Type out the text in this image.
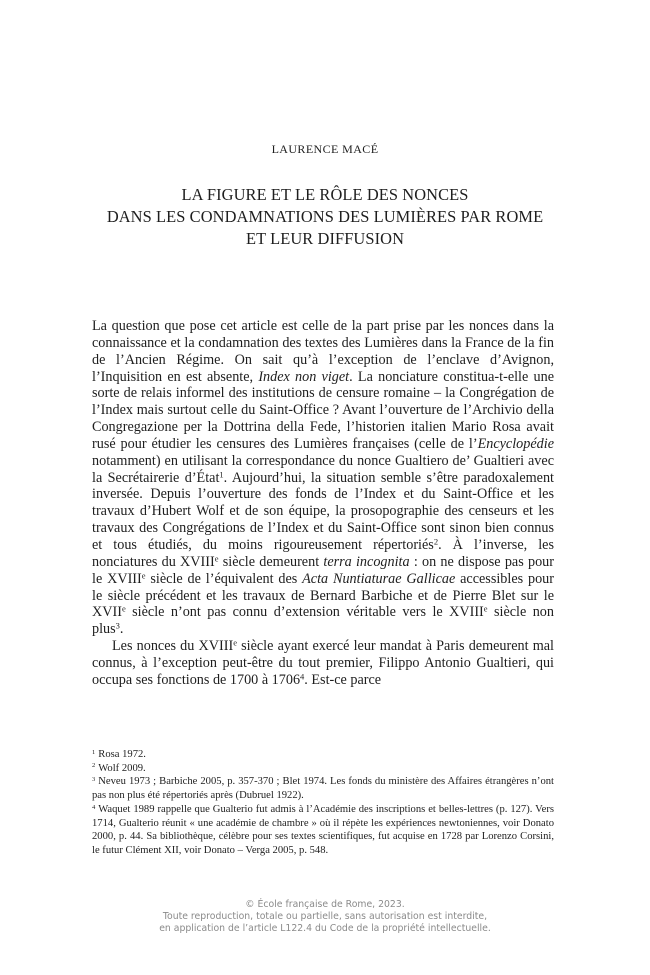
LAURENCE MACÉ
LA FIGURE ET LE RÔLE DES NONCES
DANS LES CONDAMNATIONS DES LUMIÈRES PAR ROME
ET LEUR DIFFUSION

La question que pose cet article est celle de la part prise par les nonces dans la connaissance et la condamnation des textes des Lumières dans la France de la fin de l’Ancien Régime. On sait qu’à l’exception de l’enclave d’Avignon, l’Inquisition en est absente, Index non viget. La nonciature constitua-t-elle une sorte de relais informel des institutions de censure romaine – la Congrégation de l’Index mais surtout celle du Saint-Office ? Avant l’ouverture de l’Archivio della Congregazione per la Dottrina della Fede, l’historien italien Mario Rosa avait rusé pour étudier les censures des Lumières françaises (celle de l’Encyclopédie notamment) en utilisant la correspondance du nonce Gualtiero de’ Gualtieri avec la Secrétairerie d’État$^1$. Aujourd’hui, la situation semble s’être paradoxalement inversée. Depuis l’ouverture des fonds de l’Index et du Saint-Office et les travaux d’Hubert Wolf et de son équipe, la prosopographie des censeurs et les travaux des Congrégations de l’Index et du Saint-Office sont sinon bien connus et tous étudiés, du moins rigoureusement répertoriés$^2$. À l’inverse, les nonciatures du XVIIIe siècle demeurent terra incognita : on ne dispose pas pour le XVIIIe siècle de l’équivalent des Acta Nuntiaturae Gallicae accessibles pour le siècle précédent et les travaux de Bernard Barbiche et de Pierre Blet sur le XVIIe siècle n’ont pas connu d’extension véritable vers le XVIIIe siècle non plus$^3$.

Les nonces du XVIIIe siècle ayant exercé leur mandat à Paris demeurent mal connus, à l’exception peut-être du tout premier, Filippo Antonio Gualtieri, qui occupa ses fonctions de 1700 à 1706$^4$. Est-ce parce

$^1$ Rosa 1972.

$^2$ Wolf 2009.

$^3$ Neveu 1973 ; Barbiche 2005, p. 357-370 ; Blet 1974. Les fonds du ministère des Affaires étrangères n’ont pas non plus été répertoriés après (Dubruel 1922).

$^4$ Waquet 1989 rappelle que Gualterio fut admis à l’Académie des inscriptions et belles-lettres (p. 127). Vers 1714, Gualterio réunit « une académie de chambre » où il répète les expériences newtoniennes, voir Donato 2000, p. 44. Sa bibliothèque, célèbre pour ses textes scientifiques, fut acquise en 1728 par Lorenzo Corsini, le futur Clément XII, voir Donato – Verga 2005, p. 548.

© École française de Rome, 2023.
Toute reproduction, totale ou partielle, sans autorisation est interdite,
en application de l’article L122.4 du Code de la propriété intellectuelle.
